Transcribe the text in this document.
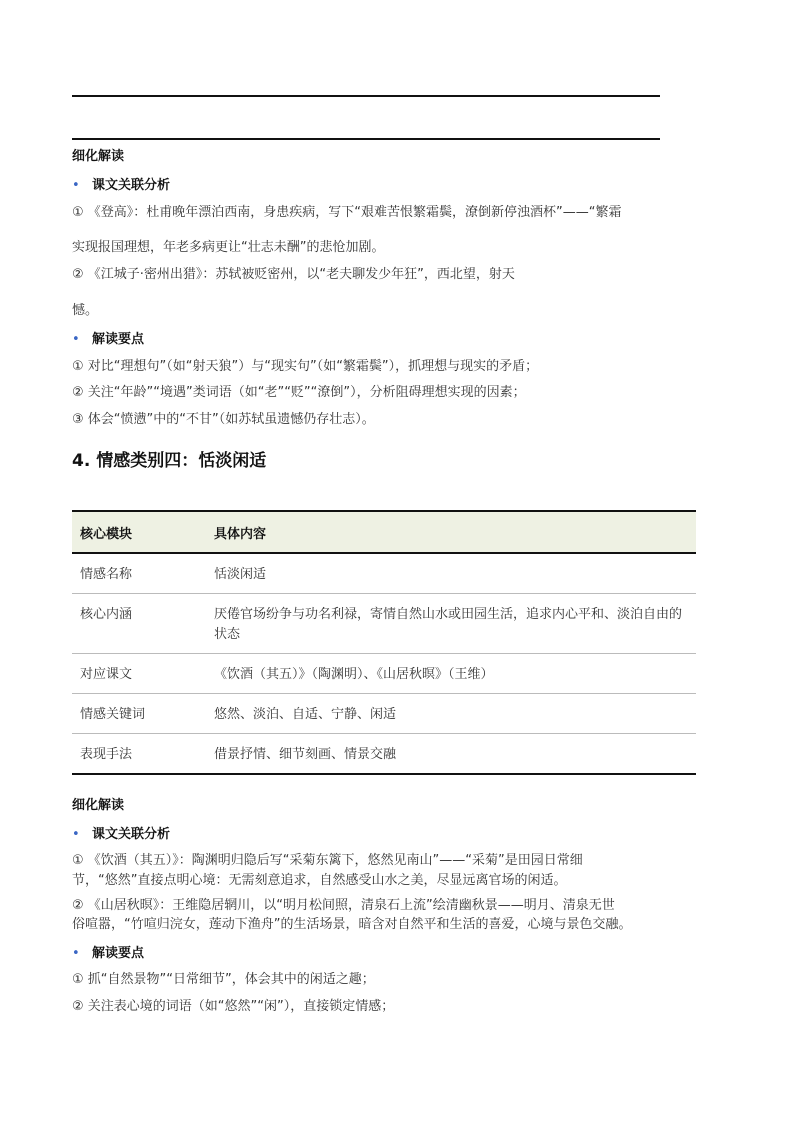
细化解读
• 课文关联分析
① 《登高》：杜甫晚年漂泊西南，身患疾病，写下“艰难苦恨繁霜鬓，潦倒新停浊酒杯”——“繁霜
实现报国理想，年老多病更让“壮志未酬”的悲怆加剧。
② 《江城子·密州出猎》：苏轼被贬密州，以“老夫聊发少年狂”，西北望，射天
憾。
• 解读要点
① 对比“理想句”（如“射天狼”）与“现实句”（如“繁霜鬓”），抓理想与现实的矛盾；
② 关注“年龄”“境遇”类词语（如“老”“贬”“潦倒”），分析阻碍理想实现的因素；
③ 体会“愤懑”中的“不甘”（如苏轼虽遗憾仍存壮志）。
4. 情感类别四：恬淡闲适
核心模块	具体内容

情感名称	恬淡闲适

核心内涵	厌倦官场纷争与功名利禄，寄情自然山水或田园生活，追求内心平和、淡泊自由的状态

对应课文	《饮酒（其五）》（陶渊明）、《山居秋暝》（王维）

情感关键词	悠然、淡泊、自适、宁静、闲适

表现手法	借景抒情、细节刻画、情景交融
细化解读
• 课文关联分析
① 《饮酒（其五）》：陶渊明归隐后写“采菊东篱下，悠然见南山”——“采菊”是田园日常细
节，“悠然”直接点明心境：无需刻意追求，自然感受山水之美，尽显远离官场的闲适。
② 《山居秋暝》：王维隐居辋川，以“明月松间照，清泉石上流”绘清幽秋景——明月、清泉无世
俗喧嚣，“竹喧归浣女，莲动下渔舟”的生活场景，暗含对自然平和生活的喜爱，心境与景色交融。
• 解读要点
① 抓“自然景物”“日常细节”，体会其中的闲适之趣；
② 关注表心境的词语（如“悠然”“闲”），直接锁定情感；
